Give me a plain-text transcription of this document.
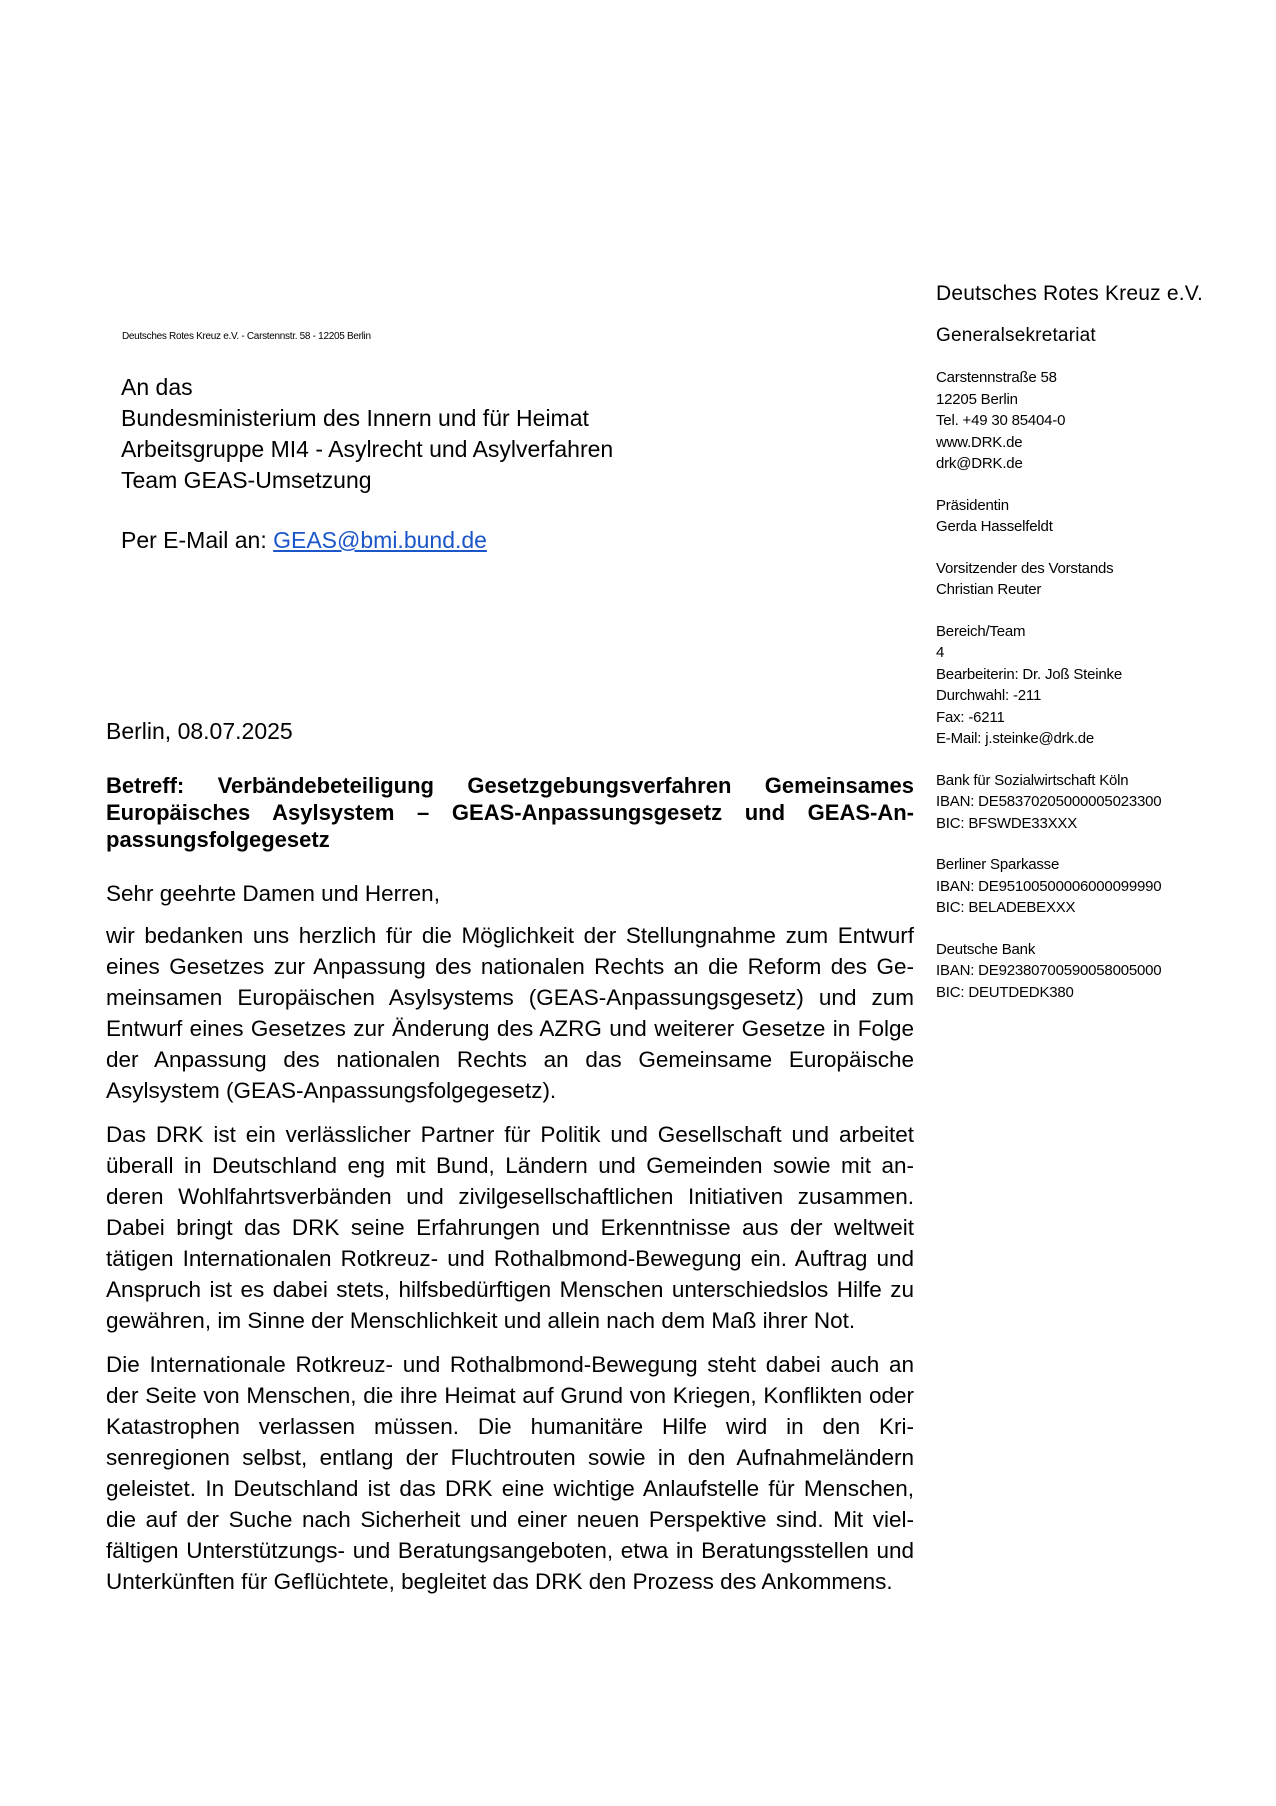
Deutsches Rotes Kreuz e.V. - Carstennstr. 58 - 12205 Berlin
An das
Bundesministerium des Innern und für Heimat
Arbeitsgruppe MI4 - Asylrecht und Asylverfahren
Team GEAS-Umsetzung
Per E-Mail an: GEAS@bmi.bund.de
Deutsches Rotes Kreuz e.V.
Generalsekretariat
Carstennstraße 58
12205 Berlin
Tel. +49 30 85404-0
www.DRK.de
drk@DRK.de
Präsidentin
Gerda Hasselfeldt
Vorsitzender des Vorstands
Christian Reuter
Bereich/Team
4
Bearbeiterin: Dr. Joß Steinke
Durchwahl: -211
Fax: -6211
E-Mail: j.steinke@drk.de
Bank für Sozialwirtschaft Köln
IBAN: DE58370205000005023300
BIC: BFSWDE33XXX
Berliner Sparkasse
IBAN: DE95100500006000099990
BIC: BELADEBEXXX
Deutsche Bank
IBAN: DE92380700590058005000
BIC: DEUTDEDK380
Berlin, 08.07.2025
Betreff: Verbändebeteiligung Gesetzgebungsverfahren Gemeinsames Europäisches Asylsystem – GEAS-Anpassungsgesetz und GEAS-Anpassungsfolgegesetz
Sehr geehrte Damen und Herren,

wir bedanken uns herzlich für die Möglichkeit der Stellungnahme zum Entwurf eines Gesetzes zur Anpassung des nationalen Rechts an die Reform des Gemeinsamen Europäischen Asylsystems (GEAS-Anpassungsgesetz) und zum Entwurf eines Gesetzes zur Änderung des AZRG und weiterer Gesetze in Folge der Anpassung des nationalen Rechts an das Gemeinsame Europäische Asylsystem (GEAS-Anpassungsfolgegesetz).

Das DRK ist ein verlässlicher Partner für Politik und Gesellschaft und arbeitet überall in Deutschland eng mit Bund, Ländern und Gemeinden sowie mit anderen Wohlfahrtsverbänden und zivilgesellschaftlichen Initiativen zusammen. Dabei bringt das DRK seine Erfahrungen und Erkenntnisse aus der weltweit tätigen Internationalen Rotkreuz- und Rothalbmond-Bewegung ein. Auftrag und Anspruch ist es dabei stets, hilfsbedürftigen Menschen unterschiedslos Hilfe zu gewähren, im Sinne der Menschlichkeit und allein nach dem Maß ihrer Not.

Die Internationale Rotkreuz- und Rothalbmond-Bewegung steht dabei auch an der Seite von Menschen, die ihre Heimat auf Grund von Kriegen, Konflikten oder Katastrophen verlassen müssen. Die humanitäre Hilfe wird in den Krisenregionen selbst, entlang der Fluchtrouten sowie in den Aufnahmeländern geleistet. In Deutschland ist das DRK eine wichtige Anlaufstelle für Menschen, die auf der Suche nach Sicherheit und einer neuen Perspektive sind. Mit vielfältigen Unterstützungs- und Beratungsangeboten, etwa in Beratungsstellen und Unterkünften für Geflüchtete, begleitet das DRK den Prozess des Ankommens.
